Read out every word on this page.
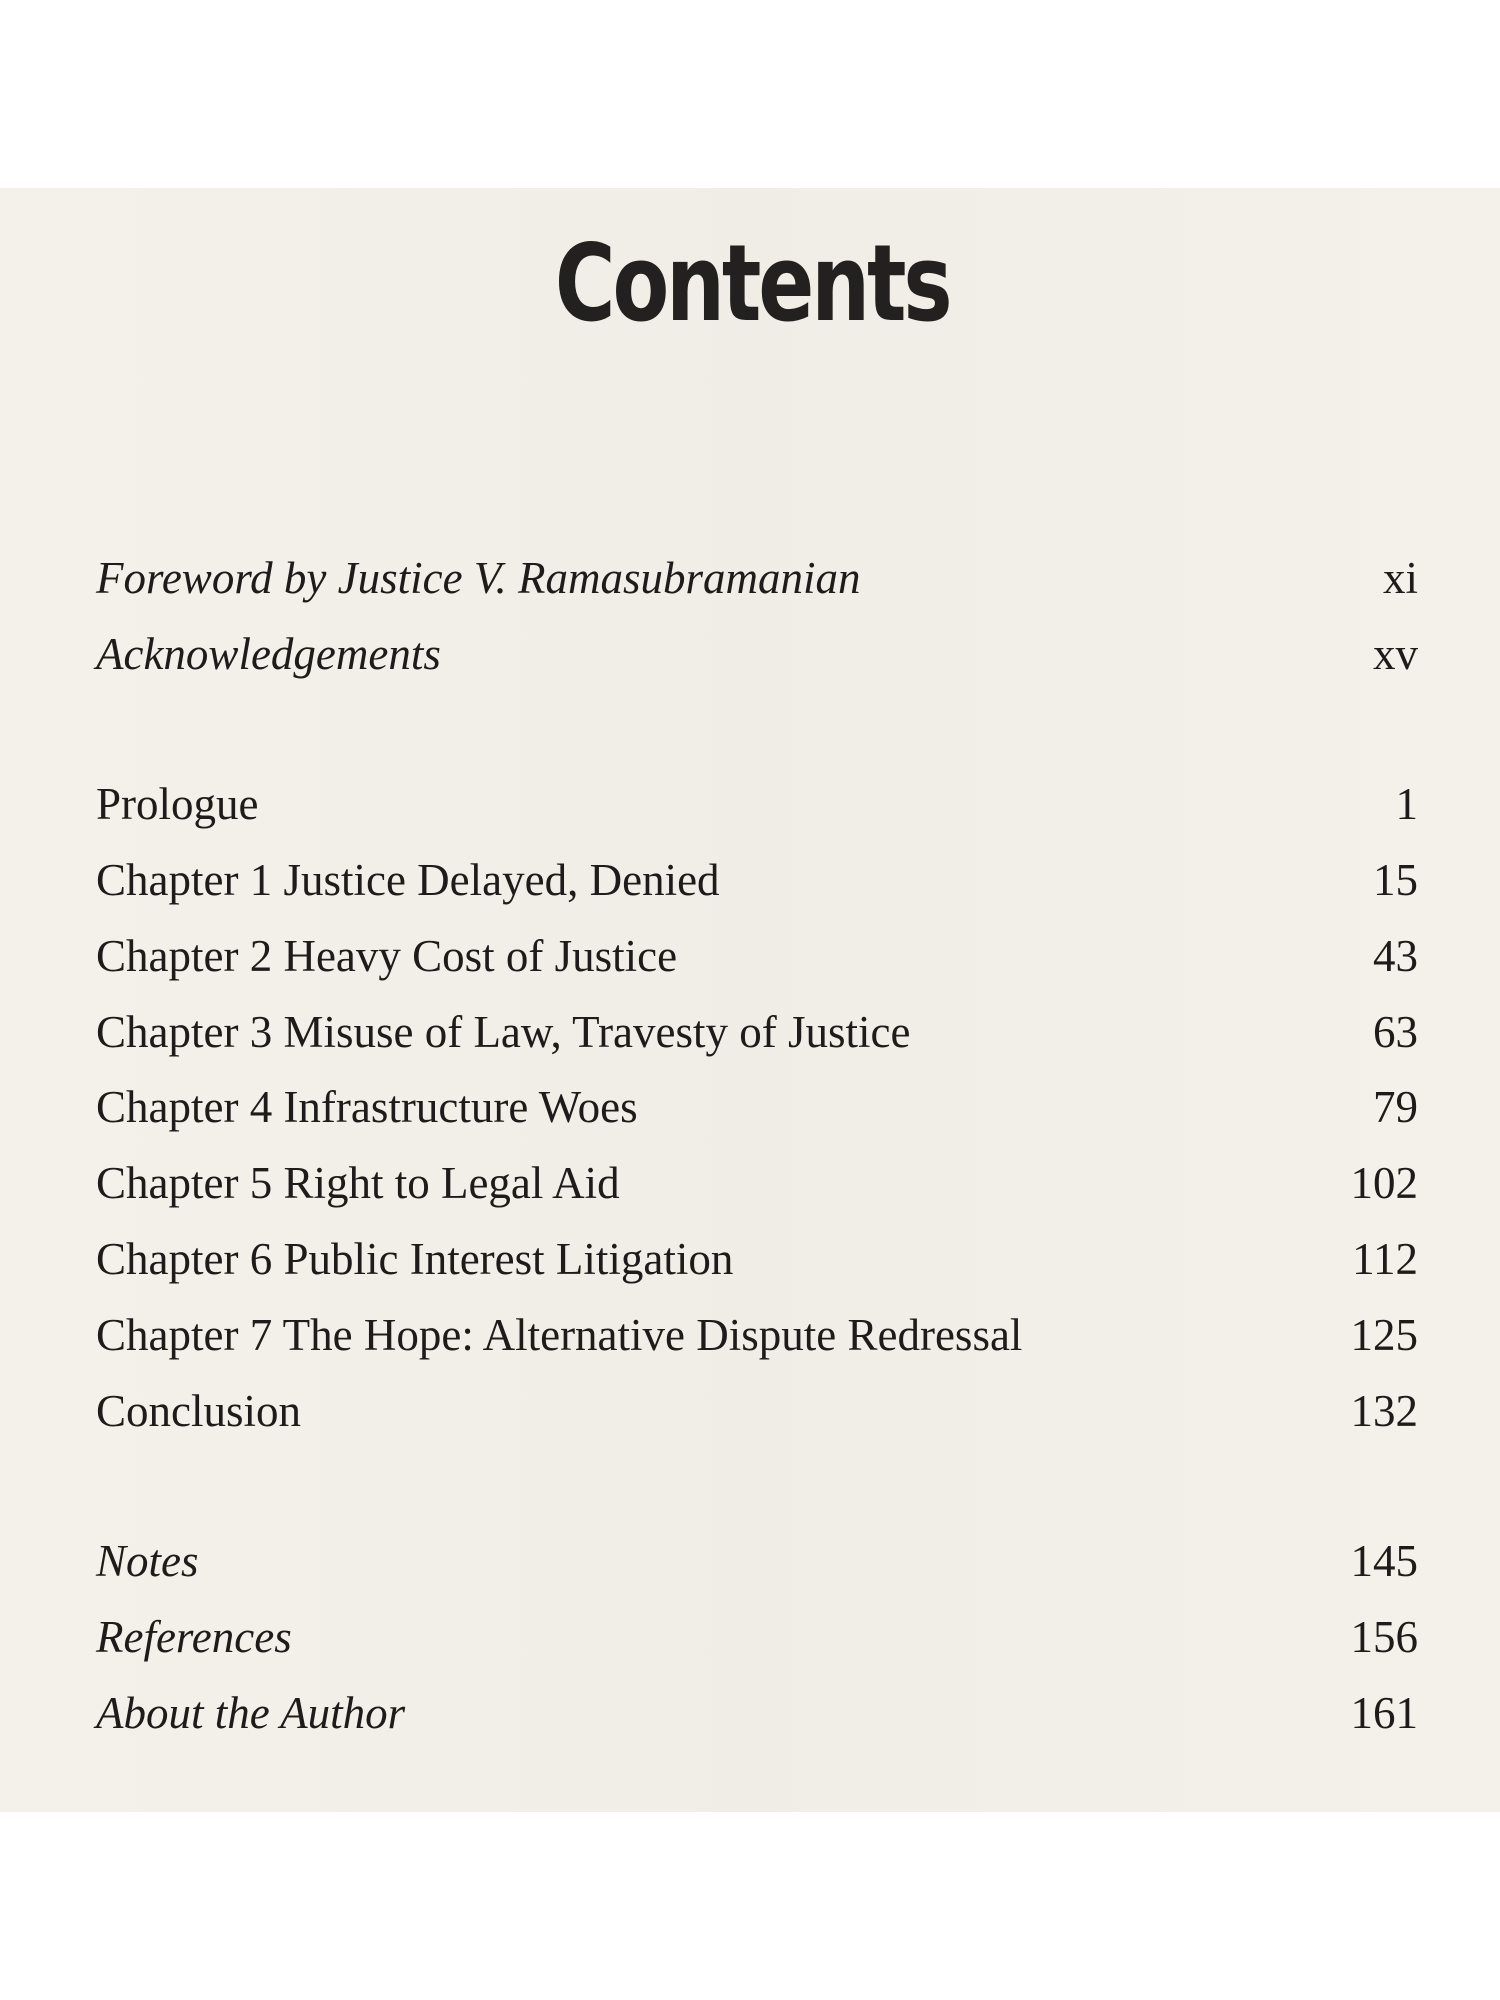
Contents
Foreword by Justice V. Ramasubramanian	xi
Acknowledgements	xv
Prologue	1
Chapter 1 Justice Delayed, Denied	15
Chapter 2 Heavy Cost of Justice	43
Chapter 3 Misuse of Law, Travesty of Justice	63
Chapter 4 Infrastructure Woes	79
Chapter 5 Right to Legal Aid	102
Chapter 6 Public Interest Litigation	112
Chapter 7 The Hope: Alternative Dispute Redressal	125
Conclusion	132
Notes	145
References	156
About the Author	161
